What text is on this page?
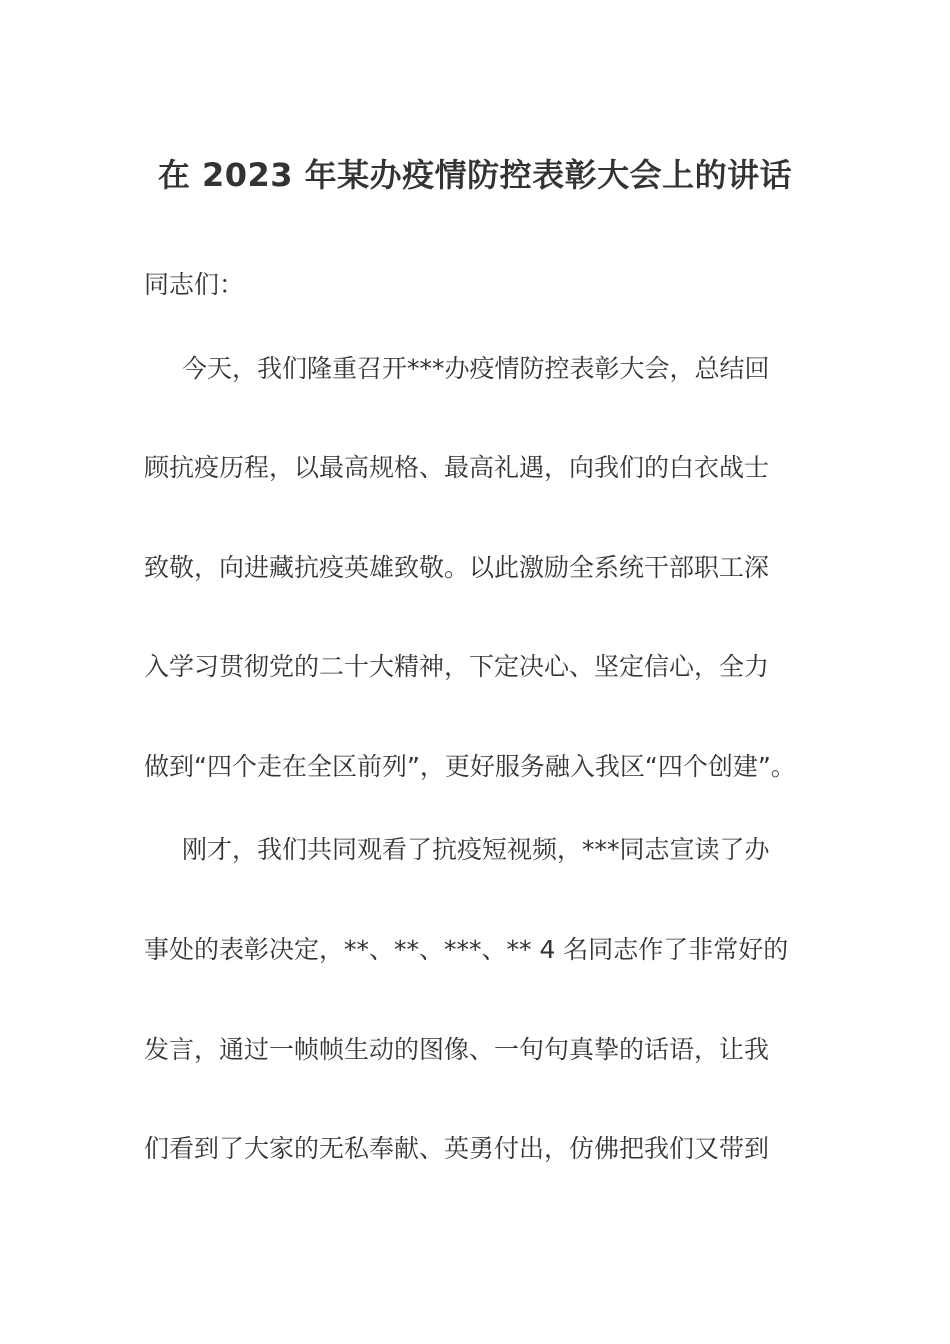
在 2023 年某办疫情防控表彰大会上的讲话
同志们：
今天，我们隆重召开***办疫情防控表彰大会，总结回
顾抗疫历程，以最高规格、最高礼遇，向我们的白衣战士
致敬，向进藏抗疫英雄致敬。以此激励全系统干部职工深
入学习贯彻党的二十大精神，下定决心、坚定信心，全力
做到“四个走在全区前列”，更好服务融入我区“四个创建”。
刚才，我们共同观看了抗疫短视频，***同志宣读了办
事处的表彰决定，**、**、***、** 4 名同志作了非常好的
发言，通过一帧帧生动的图像、一句句真挚的话语，让我
们看到了大家的无私奉献、英勇付出，仿佛把我们又带到
